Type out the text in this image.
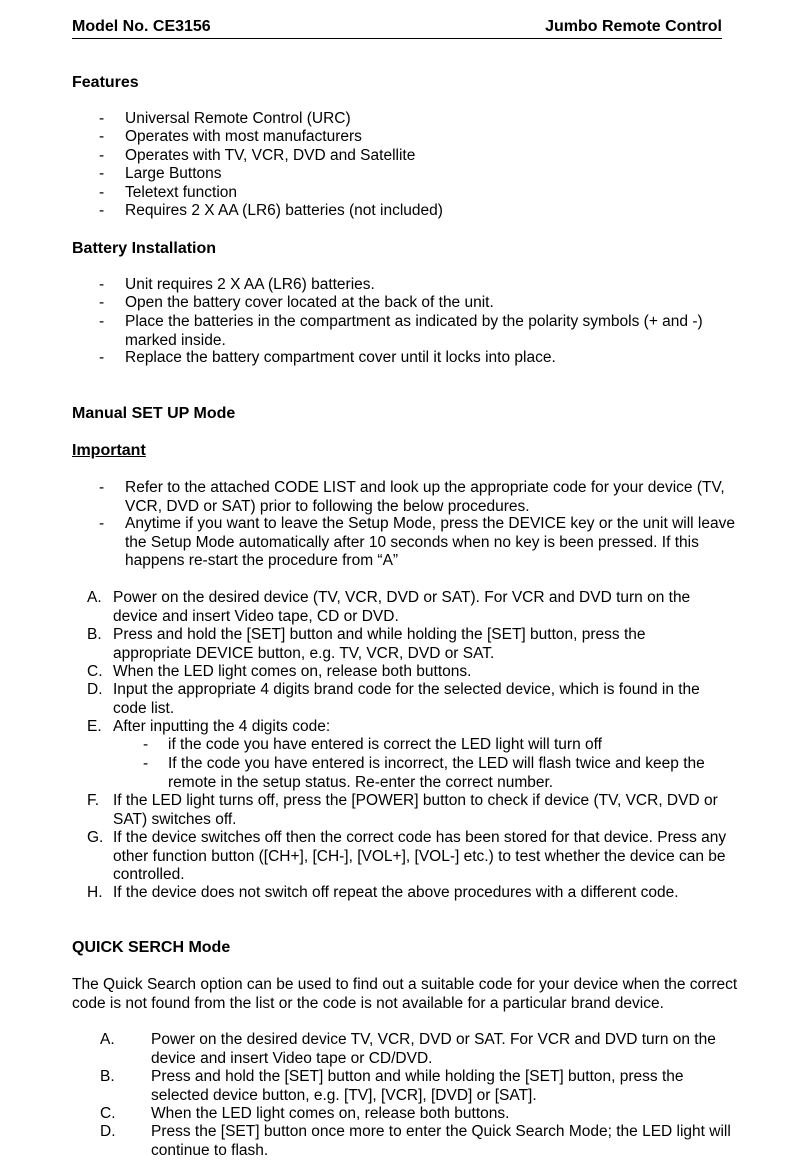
Model No. CE3156	Jumbo Remote Control
Features
- Universal Remote Control (URC)
- Operates with most manufacturers
- Operates with TV, VCR, DVD and Satellite
- Large Buttons
- Teletext function
- Requires 2 X AA (LR6) batteries (not included)
Battery Installation
- Unit requires 2 X AA (LR6) batteries.
- Open the battery cover located at the back of the unit.
- Place the batteries in the compartment as indicated by the polarity symbols (+ and -) marked inside.
- Replace the battery compartment cover until it locks into place.
Manual SET UP Mode
Important
- Refer to the attached CODE LIST and look up the appropriate code for your device (TV, VCR, DVD or SAT) prior to following the below procedures.
- Anytime if you want to leave the Setup Mode, press the DEVICE key or the unit will leave the Setup Mode automatically after 10 seconds when no key is been pressed. If this happens re-start the procedure from “A”
A. Power on the desired device (TV, VCR, DVD or SAT). For VCR and DVD turn on the device and insert Video tape, CD or DVD.
B. Press and hold the [SET] button and while holding the [SET] button, press the appropriate DEVICE button, e.g. TV, VCR, DVD or SAT.
C. When the LED light comes on, release both buttons.
D. Input the appropriate 4 digits brand code for the selected device, which is found in the code list.
E. After inputting the 4 digits code:
- if the code you have entered is correct the LED light will turn off
- If the code you have entered is incorrect, the LED will flash twice and keep the remote in the setup status. Re-enter the correct number.
F. If the LED light turns off, press the [POWER] button to check if device (TV, VCR, DVD or SAT) switches off.
G. If the device switches off then the correct code has been stored for that device. Press any other function button ([CH+], [CH-], [VOL+], [VOL-] etc.) to test whether the device can be controlled.
H. If the device does not switch off repeat the above procedures with a different code.
QUICK SERCH Mode
The Quick Search option can be used to find out a suitable code for your device when the correct code is not found from the list or the code is not available for a particular brand device.
A. Power on the desired device TV, VCR, DVD or SAT. For VCR and DVD turn on the device and insert Video tape or CD/DVD.
B. Press and hold the [SET] button and while holding the [SET] button, press the selected device button, e.g. [TV], [VCR], [DVD] or [SAT].
C. When the LED light comes on, release both buttons.
D. Press the [SET] button once more to enter the Quick Search Mode; the LED light will continue to flash.
